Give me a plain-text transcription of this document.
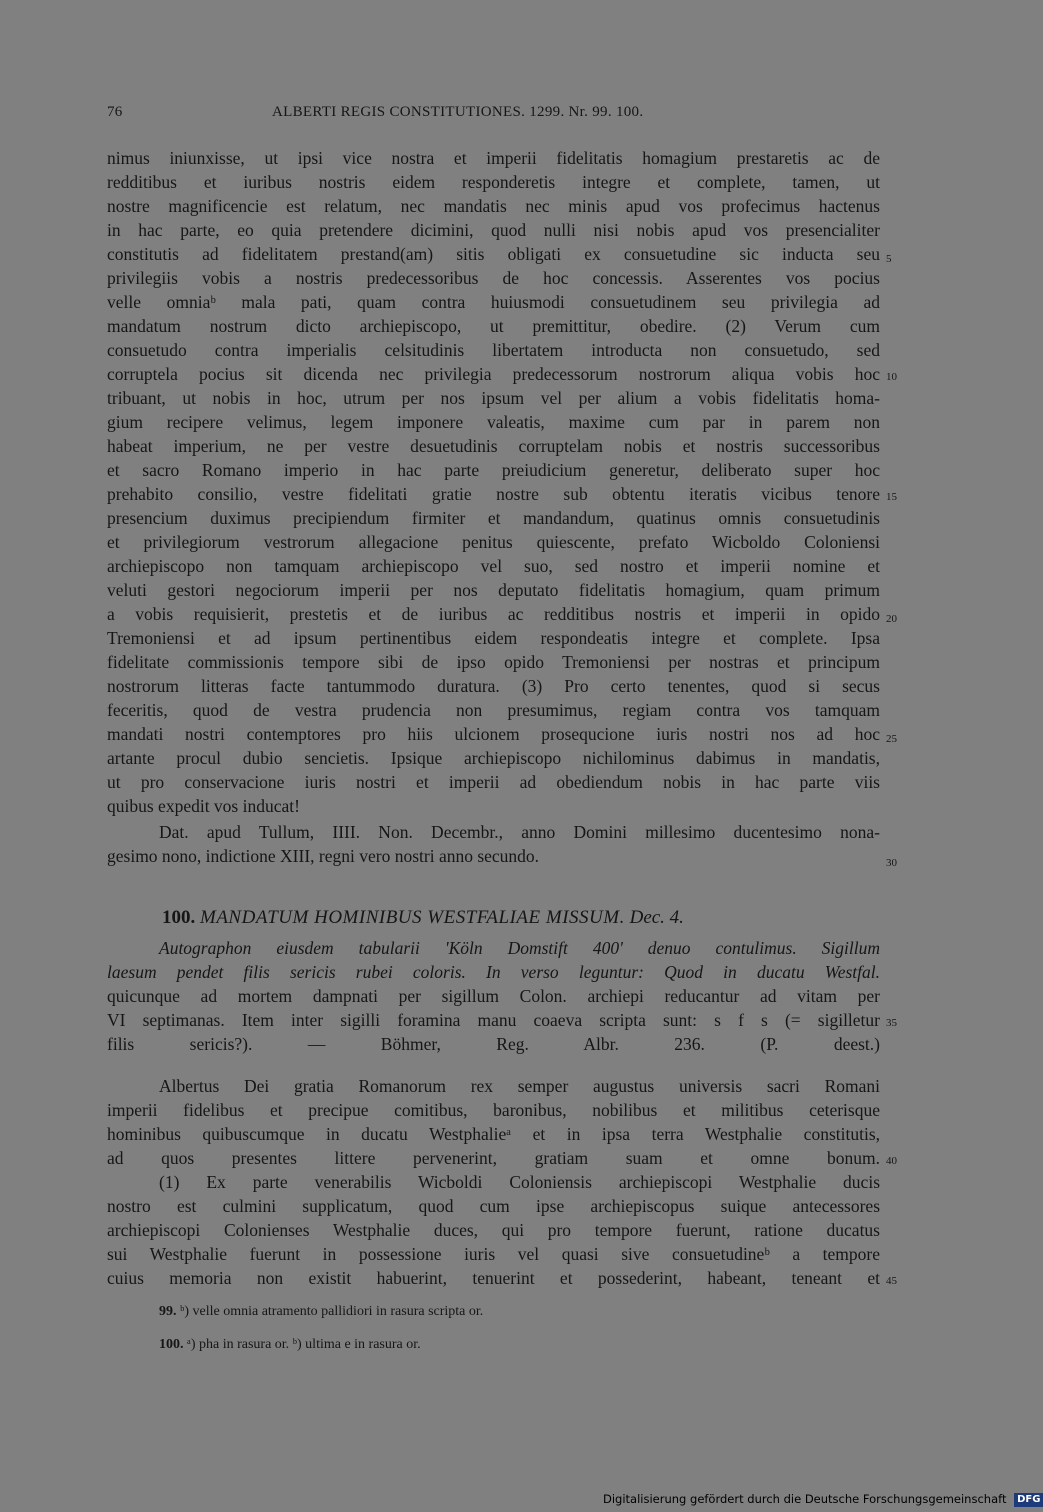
76	ALBERTI REGIS CONSTITUTIONES. 1299. Nr. 99. 100.
nimus iniunxisse, ut ipsi vice nostra et imperii fidelitatis homagium prestaretis ac de
redditibus et iuribus nostris eidem responderetis integre et complete, tamen, ut
nostre magnificencie est relatum, nec mandatis nec minis apud vos profecimus hactenus
in hac parte, eo quia pretendere dicimini, quod nulli nisi nobis apud vos presencialiter
constitutis ad fidelitatem prestand(am) sitis obligati ex consuetudine sic inducta seu
privilegiis vobis a nostris predecessoribus de hoc concessis. Asserentes vos pocius
velle omniaᵇ mala pati, quam contra huiusmodi consuetudinem seu privilegia ad
mandatum nostrum dicto archiepiscopo, ut premittitur, obedire. (2) Verum cum
consuetudo contra imperialis celsitudinis libertatem introducta non consuetudo, sed
corruptela pocius sit dicenda nec privilegia predecessorum nostrorum aliqua vobis hoc
tribuant, ut nobis in hoc, utrum per nos ipsum vel per alium a vobis fidelitatis homa-
gium recipere velimus, legem imponere valeatis, maxime cum par in parem non
habeat imperium, ne per vestre desuetudinis corruptelam nobis et nostris successoribus
et sacro Romano imperio in hac parte preiudicium generetur, deliberato super hoc
prehabito consilio, vestre fidelitati gratie nostre sub obtentu iteratis vicibus tenore
presencium duximus precipiendum firmiter et mandandum, quatinus omnis consuetudinis
et privilegiorum vestrorum allegacione penitus quiescente, prefato Wicboldo Coloniensi
archiepiscopo non tamquam archiepiscopo vel suo, sed nostro et imperii nomine et
veluti gestori negociorum imperii per nos deputato fidelitatis homagium, quam primum
a vobis requisierit, prestetis et de iuribus ac redditibus nostris et imperii in opido
Tremoniensi et ad ipsum pertinentibus eidem respondeatis integre et complete. Ipsa
fidelitate commissionis tempore sibi de ipso opido Tremoniensi per nostras et principum
nostrorum litteras facte tantummodo duratura. (3) Pro certo tenentes, quod si secus
feceritis, quod de vestra prudencia non presumimus, regiam contra vos tamquam
mandati nostri contemptores pro hiis ulcionem prosequcione iuris nostri nos ad hoc
artante procul dubio sencietis. Ipsique archiepiscopo nichilominus dabimus in mandatis,
ut pro conservacione iuris nostri et imperii ad obediendum nobis in hac parte viis
quibus expedit vos inducat!
Dat. apud Tullum, IIII. Non. Decembr., anno Domini millesimo ducentesimo nona-
gesimo nono, indictione XIII, regni vero nostri anno secundo.
5
10
15
20
25
30
100. MANDATUM HOMINIBUS WESTFALIAE MISSUM. Dec. 4.
Autographon eiusdem tabularii 'Köln Domstift 400' denuo contulimus. Sigillum
laesum pendet filis sericis rubei coloris. In verso leguntur: Quod in ducatu Westfal.
quicunque ad mortem dampnati per sigillum Colon. archiepi reducantur ad vitam per
VI septimanas. Item inter sigilli foramina manu coaeva scripta sunt: s f s (= sigilletur
filis sericis?). — Böhmer, Reg. Albr. 236. (P. deest.)
35
Albertus Dei gratia Romanorum rex semper augustus universis sacri Romani
imperii fidelibus et precipue comitibus, baronibus, nobilibus et militibus ceterisque
hominibus quibuscumque in ducatu Westphalieᵃ et in ipsa terra Westphalie constitutis,
ad quos presentes littere pervenerint, gratiam suam et omne bonum.
(1) Ex parte venerabilis Wicboldi Coloniensis archiepiscopi Westphalie ducis
nostro est culmini supplicatum, quod cum ipse archiepiscopus suique antecessores
archiepiscopi Colonienses Westphalie duces, qui pro tempore fuerunt, ratione ducatus
sui Westphalie fuerunt in possessione iuris vel quasi sive consuetudineᵇ a tempore
cuius memoria non existit habuerint, tenuerint et possederint, habeant, teneant et
40
45
99. ᵇ) velle omnia atramento pallidiori in rasura scripta or.
100. ᵃ) pha in rasura or. ᵇ) ultima e in rasura or.
Digitalisierung gefördert durch die Deutsche Forschungsgemeinschaft DFG
